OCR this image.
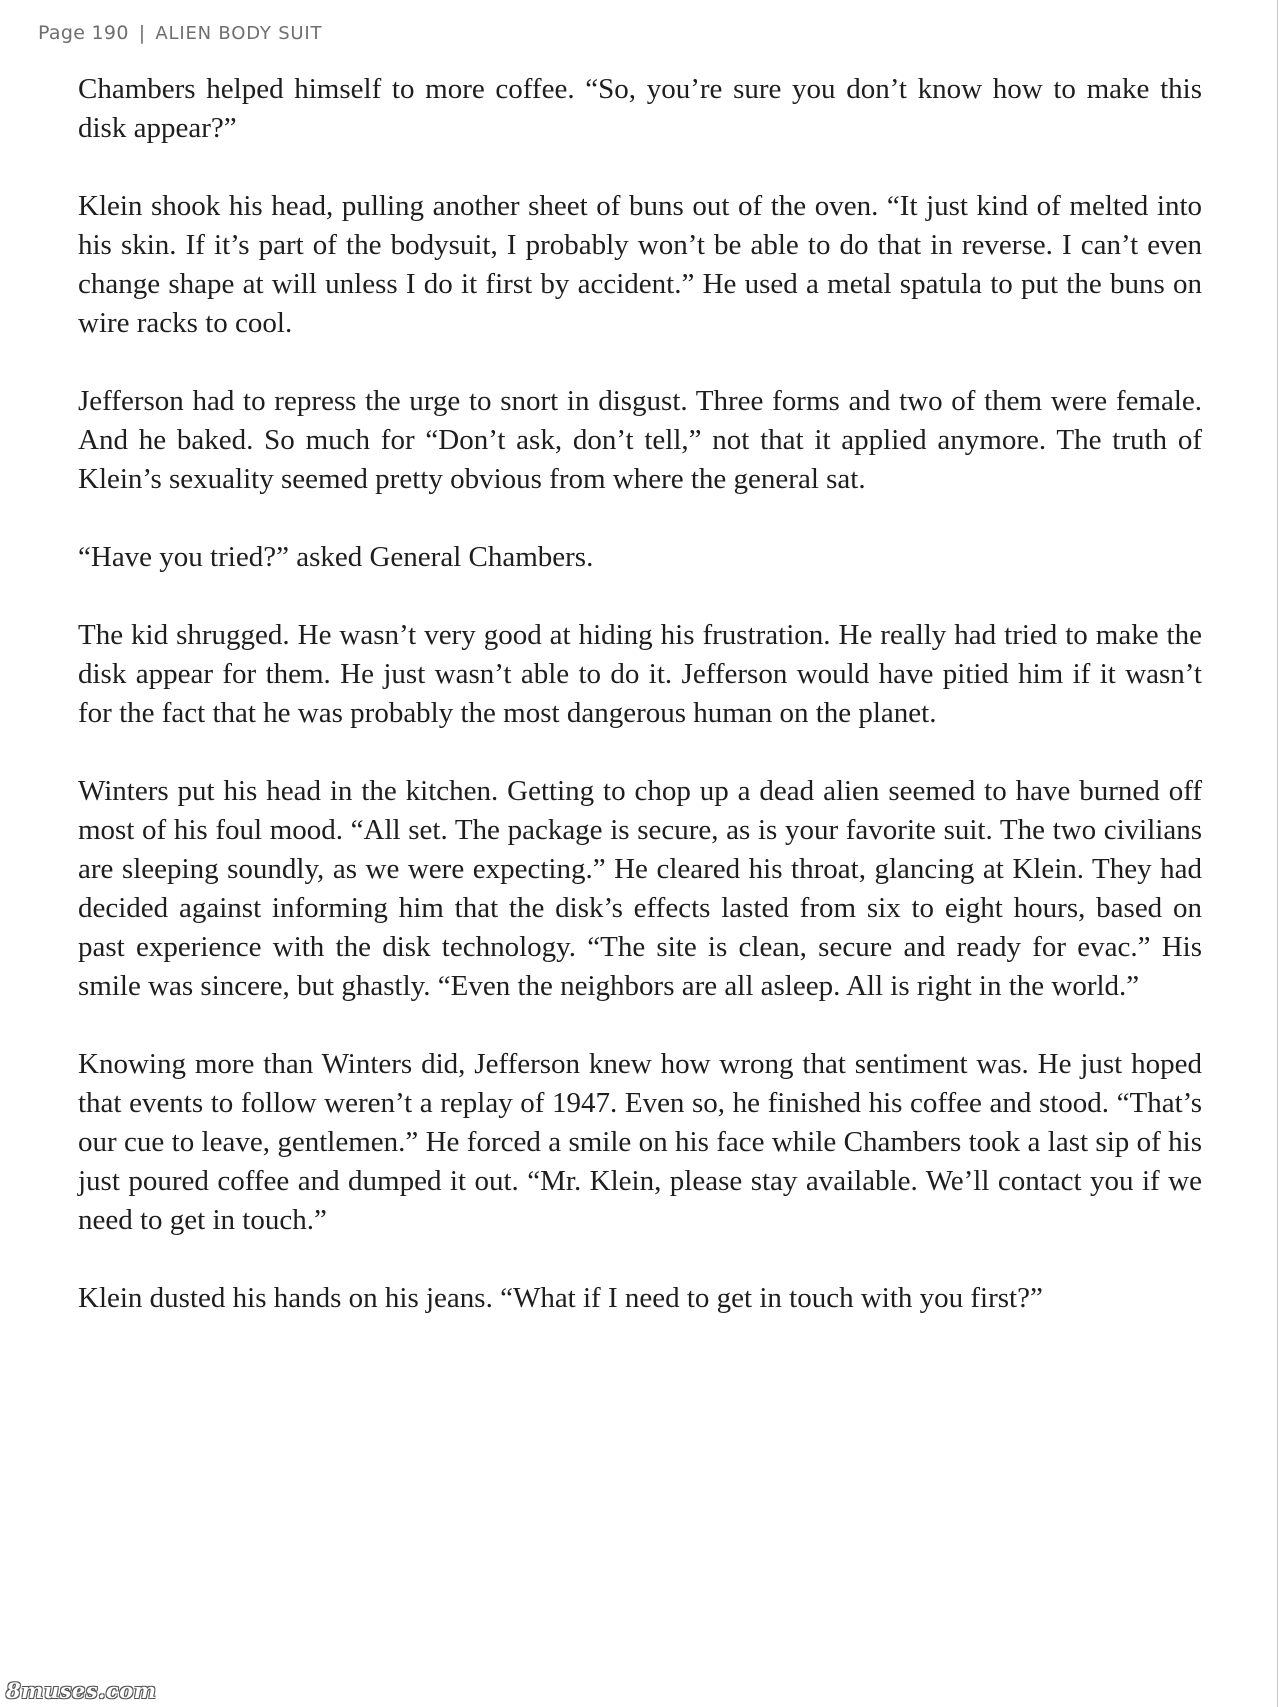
Page 190 | ALIEN BODY SUIT

Chambers helped himself to more coffee. “So, you’re sure you don’t know how to make this disk appear?”

Klein shook his head, pulling another sheet of buns out of the oven. “It just kind of melted into his skin. If it’s part of the bodysuit, I probably won’t be able to do that in reverse. I can’t even change shape at will unless I do it first by accident.” He used a metal spatula to put the buns on wire racks to cool.

Jefferson had to repress the urge to snort in disgust. Three forms and two of them were female. And he baked. So much for “Don’t ask, don’t tell,” not that it applied anymore. The truth of Klein’s sexuality seemed pretty obvious from where the general sat.

“Have you tried?” asked General Chambers.

The kid shrugged. He wasn’t very good at hiding his frustration. He really had tried to make the disk appear for them. He just wasn’t able to do it. Jefferson would have pitied him if it wasn’t for the fact that he was probably the most dangerous human on the planet.

Winters put his head in the kitchen. Getting to chop up a dead alien seemed to have burned off most of his foul mood. “All set. The package is secure, as is your favorite suit. The two civilians are sleeping soundly, as we were expecting.” He cleared his throat, glancing at Klein. They had decided against informing him that the disk’s effects lasted from six to eight hours, based on past experience with the disk technology. “The site is clean, secure and ready for evac.” His smile was sincere, but ghastly. “Even the neighbors are all asleep. All is right in the world.”

Knowing more than Winters did, Jefferson knew how wrong that sentiment was. He just hoped that events to follow weren’t a replay of 1947. Even so, he finished his coffee and stood. “That’s our cue to leave, gentlemen.” He forced a smile on his face while Chambers took a last sip of his just poured coffee and dumped it out. “Mr. Klein, please stay available. We’ll contact you if we need to get in touch.”

Klein dusted his hands on his jeans. “What if I need to get in touch with you first?”

8muses.com
